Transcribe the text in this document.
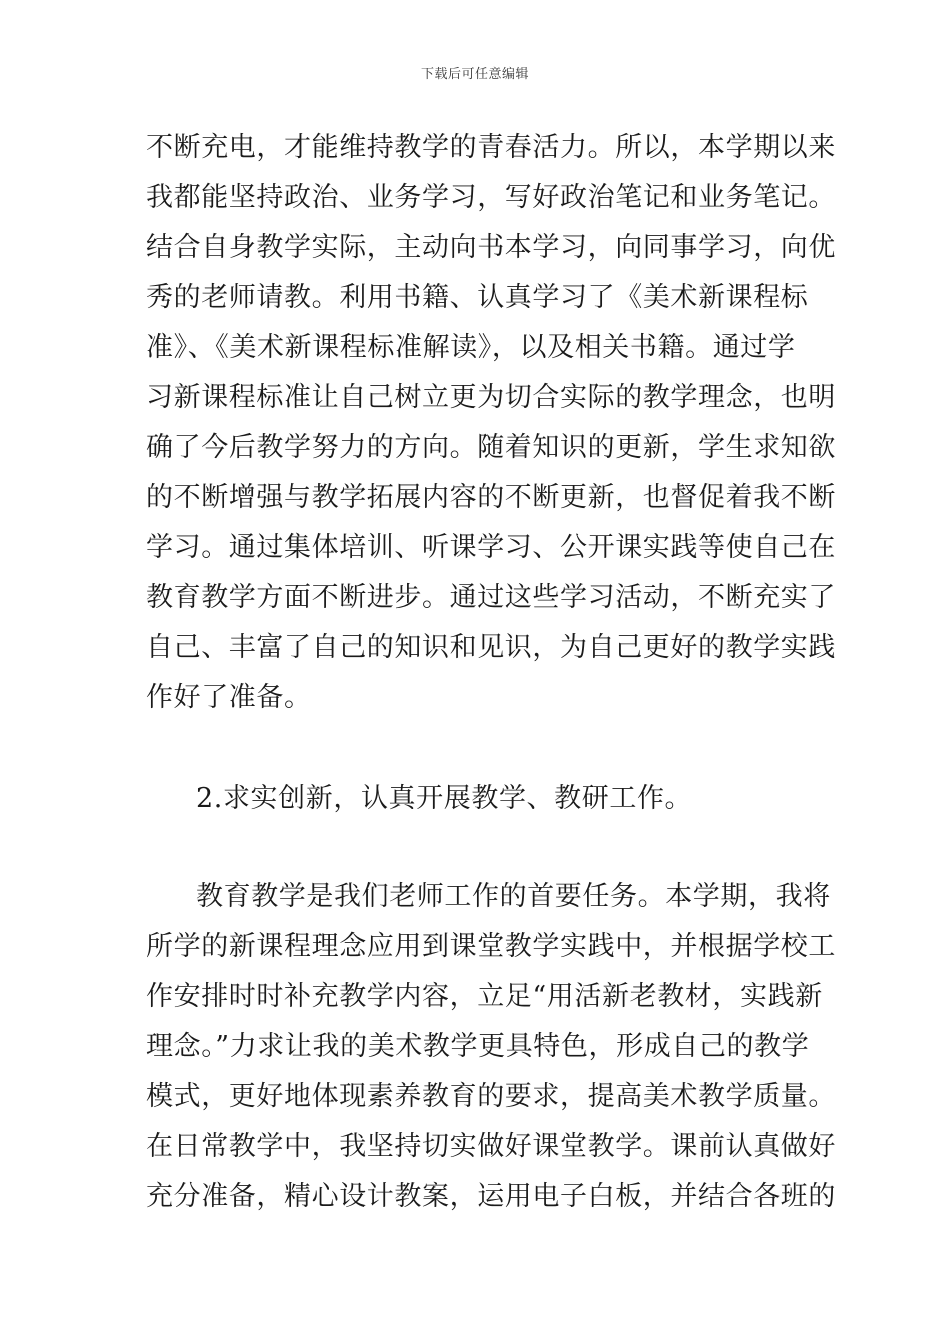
下载后可任意编辑
不断充电，才能维持教学的青春活力。所以，本学期以来
我都能坚持政治、业务学习，写好政治笔记和业务笔记。
结合自身教学实际，主动向书本学习，向同事学习，向优
秀的老师请教。利用书籍、认真学习了《美术新课程标
准》、《美术新课程标准解读》，以及相关书籍。通过学
习新课程标准让自己树立更为切合实际的教学理念，也明
确了今后教学努力的方向。随着知识的更新，学生求知欲
的不断增强与教学拓展内容的不断更新，也督促着我不断
学习。通过集体培训、听课学习、公开课实践等使自己在
教育教学方面不断进步。通过这些学习活动，不断充实了
自己、丰富了自己的知识和见识，为自己更好的教学实践
作好了准备。
2.求实创新，认真开展教学、教研工作。
教育教学是我们老师工作的首要任务。本学期，我将
所学的新课程理念应用到课堂教学实践中，并根据学校工
作安排时时补充教学内容，立足“用活新老教材，实践新
理念。”力求让我的美术教学更具特色，形成自己的教学
模式，更好地体现素养教育的要求，提高美术教学质量。
在日常教学中，我坚持切实做好课堂教学。课前认真做好
充分准备，精心设计教案，运用电子白板，并结合各班的
